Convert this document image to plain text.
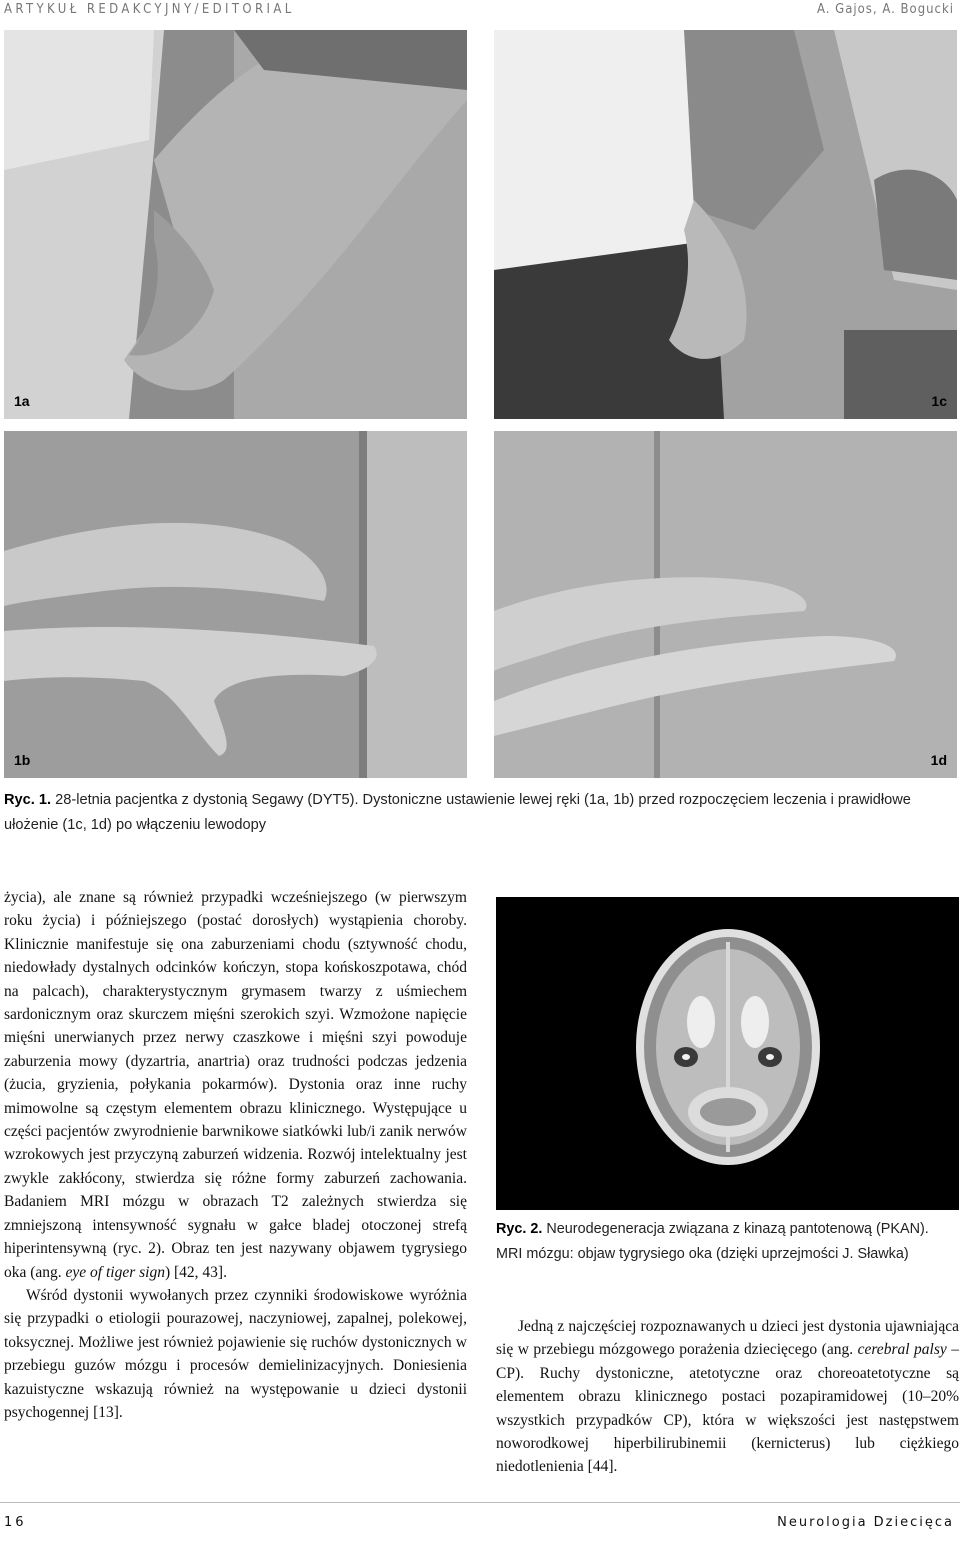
ARTYKUŁ REDAKCYJNY/EDITORIAL	A. Gajos, A. Bogucki
1a	1c
1b	1d
Ryc. 1. 28-letnia pacjentka z dystonią Segawy (DYT5). Dystoniczne ustawienie lewej ręki (1a, 1b) przed rozpoczęciem leczenia i prawidłowe ułożenie (1c, 1d) po włączeniu lewodopy

życia), ale znane są również przypadki wcześniejszego (w pierwszym roku życia) i późniejszego (postać dorosłych) wystąpienia choroby. Klinicznie manifestuje się ona zaburzeniami chodu (sztywność chodu, niedowłady dystalnych odcinków kończyn, stopa końskoszpotawa, chód na palcach), charakterystycznym grymasem twarzy z uśmiechem sardonicznym oraz skurczem mięśni szerokich szyi. Wzmożone napięcie mięśni unerwianych przez nerwy czaszkowe i mięśni szyi powoduje zaburzenia mowy (dyzartria, anartria) oraz trudności podczas jedzenia (żucia, gryzienia, połykania pokarmów). Dystonia oraz inne ruchy mimowolne są częstym elementem obrazu klinicznego. Występujące u części pacjentów zwyrodnienie barwnikowe siatkówki lub/i zanik nerwów wzrokowych jest przyczyną zaburzeń widzenia. Rozwój intelektualny jest zwykle zakłócony, stwierdza się różne formy zaburzeń zachowania. Badaniem MRI mózgu w obrazach T2 zależnych stwierdza się zmniejszoną intensywność sygnału w gałce bladej otoczonej strefą hiperintensywną (ryc. 2). Obraz ten jest nazywany objawem tygrysiego oka (ang. eye of tiger sign) [42, 43].

Wśród dystonii wywołanych przez czynniki środowiskowe wyróżnia się przypadki o etiologii pourazowej, naczyniowej, zapalnej, polekowej, toksycznej. Możliwe jest również pojawienie się ruchów dystonicznych w przebiegu guzów mózgu i procesów demielinizacyjnych. Doniesienia kazuistyczne wskazują również na występowanie u dzieci dystonii psychogennej [13].

Ryc. 2. Neurodegeneracja związana z kinazą pantotenową (PKAN). MRI mózgu: objaw tygrysiego oka (dzięki uprzejmości J. Sławka)

Jedną z najczęściej rozpoznawanych u dzieci jest dystonia ujawniająca się w przebiegu mózgowego porażenia dziecięcego (ang. cerebral palsy – CP). Ruchy dystoniczne, atetotyczne oraz choreoatetotyczne są elementem obrazu klinicznego postaci pozapiramidowej (10–20% wszystkich przypadków CP), która w większości jest następstwem noworodkowej hiperbilirubinemii (kernicterus) lub ciężkiego niedotlenienia [44].

16	Neurologia Dziecięca
